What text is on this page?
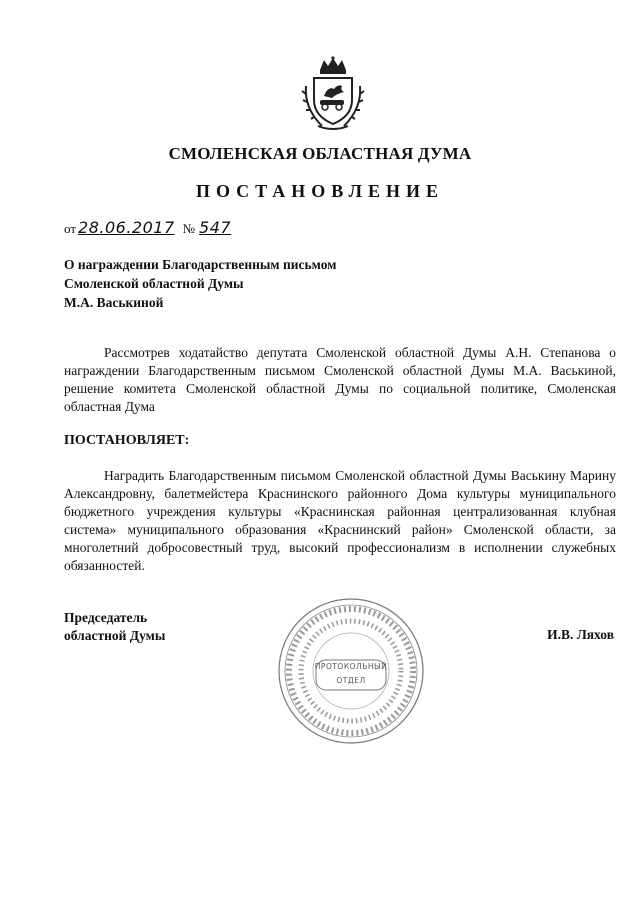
СМОЛЕНСКАЯ ОБЛАСТНАЯ ДУМА
ПОСТАНОВЛЕНИЕ
от 28.06.2017 № 547
О награждении Благодарственным письмом
Смоленской областной Думы
М.А. Васькиной

Рассмотрев ходатайство депутата Смоленской областной Думы А.Н. Степанова о награждении Благодарственным письмом Смоленской областной Думы М.А. Васькиной, решение комитета Смоленской областной Думы по социальной политике, Смоленская областная Дума

ПОСТАНОВЛЯЕТ:

Наградить Благодарственным письмом Смоленской областной Думы Васькину Марину Александровну, балетмейстера Краснинского районного Дома культуры муниципального бюджетного учреждения культуры «Краснинская районная централизованная клубная система» муниципального образования «Краснинский район» Смоленской области, за многолетний добросовестный труд, высокий профессионализм в исполнении служебных обязанностей.

ПРОТОКОЛЬНЫЙ
ОТДЕЛ
Председатель
областной Думы	И.В. Ляхов
